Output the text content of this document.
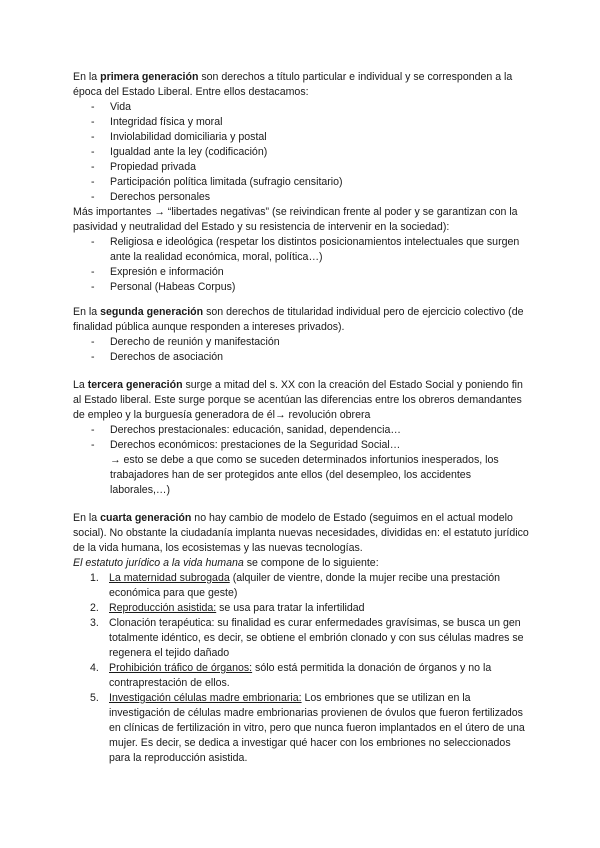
En la primera generación son derechos a título particular e individual y se corresponden a la época del Estado Liberal. Entre ellos destacamos:

- Vida
- Integridad física y moral
- Inviolabilidad domiciliaria y postal
- Igualdad ante la ley (codificación)
- Propiedad privada
- Participación política limitada (sufragio censitario)
- Derechos personales

Más importantes → “libertades negativas” (se reivindican frente al poder y se garantizan con la pasividad y neutralidad del Estado y su resistencia de intervenir en la sociedad):

- Religiosa e ideológica (respetar los distintos posicionamientos intelectuales que surgen ante la realidad económica, moral, política…)
- Expresión e información
- Personal (Habeas Corpus)

En la segunda generación son derechos de titularidad individual pero de ejercicio colectivo (de finalidad pública aunque responden a intereses privados).

- Derecho de reunión y manifestación
- Derechos de asociación

La tercera generación surge a mitad del s. XX con la creación del Estado Social y poniendo fin al Estado liberal. Este surge porque se acentúan las diferencias entre los obreros demandantes de empleo y la burguesía generadora de él→ revolución obrera

- Derechos prestacionales: educación, sanidad, dependencia…
- Derechos económicos: prestaciones de la Seguridad Social…

→ esto se debe a que como se suceden determinados infortunios inesperados, los trabajadores han de ser protegidos ante ellos (del desempleo, los accidentes laborales,…)

En la cuarta generación no hay cambio de modelo de Estado (seguimos en el actual modelo social). No obstante la ciudadanía implanta nuevas necesidades, divididas en: el estatuto jurídico de la vida humana, los ecosistemas y las nuevas tecnologías.

El estatuto jurídico a la vida humana se compone de lo siguiente:

1. La maternidad subrogada (alquiler de vientre, donde la mujer recibe una prestación económica para que geste)
2. Reproducción asistida: se usa para tratar la infertilidad
3. Clonación terapéutica: su finalidad es curar enfermedades gravísimas, se busca un gen totalmente idéntico, es decir, se obtiene el embrión clonado y con sus células madres se regenera el tejido dañado
4. Prohibición tráfico de órganos: sólo está permitida la donación de órganos y no la contraprestación de ellos.
5. Investigación células madre embrionaria: Los embriones que se utilizan en la investigación de células madre embrionarias provienen de óvulos que fueron fertilizados en clínicas de fertilización in vitro, pero que nunca fueron implantados en el útero de una mujer. Es decir, se dedica a investigar qué hacer con los embriones no seleccionados para la reproducción asistida.
